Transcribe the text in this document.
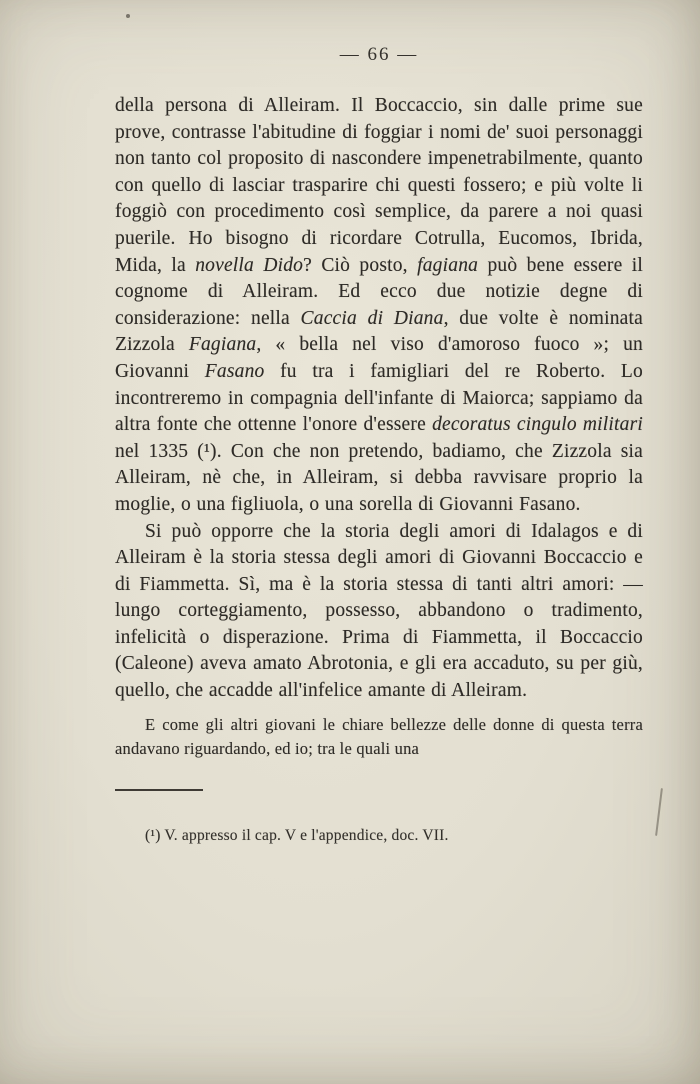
— 66 —

della persona di Alleiram. Il Boccaccio, sin dalle prime sue prove, contrasse l'abitudine di foggiar i nomi de' suoi personaggi non tanto col proposito di nascondere impenetrabilmente, quanto con quello di lasciar trasparire chi questi fossero; e più volte li foggiò con procedimento così semplice, da parere a noi quasi puerile. Ho bisogno di ricordare Cotrulla, Eucomos, Ibrida, Mida, la novella Dido? Ciò posto, fagiana può bene essere il cognome di Alleiram. Ed ecco due notizie degne di considerazione: nella Caccia di Diana, due volte è nominata Zizzola Fagiana, « bella nel viso d'amoroso fuoco »; un Giovanni Fasano fu tra i famigliari del re Roberto. Lo incontreremo in compagnia dell'infante di Maiorca; sappiamo da altra fonte che ottenne l'onore d'essere decoratus cingulo militari nel 1335 (¹). Con che non pretendo, badiamo, che Zizzola sia Alleiram, nè che, in Alleiram, si debba ravvisare proprio la moglie, o una figliuola, o una sorella di Giovanni Fasano.

Si può opporre che la storia degli amori di Idalagos e di Alleiram è la storia stessa degli amori di Giovanni Boccaccio e di Fiammetta. Sì, ma è la storia stessa di tanti altri amori: — lungo corteggiamento, possesso, abbandono o tradimento, infelicità o disperazione. Prima di Fiammetta, il Boccaccio (Caleone) aveva amato Abrotonia, e gli era accaduto, su per giù, quello, che accadde all'infelice amante di Alleiram.

E come gli altri giovani le chiare bellezze delle donne di questa terra andavano riguardando, ed io; tra le quali una

(¹) V. appresso il cap. V e l'appendice, doc. VII.
